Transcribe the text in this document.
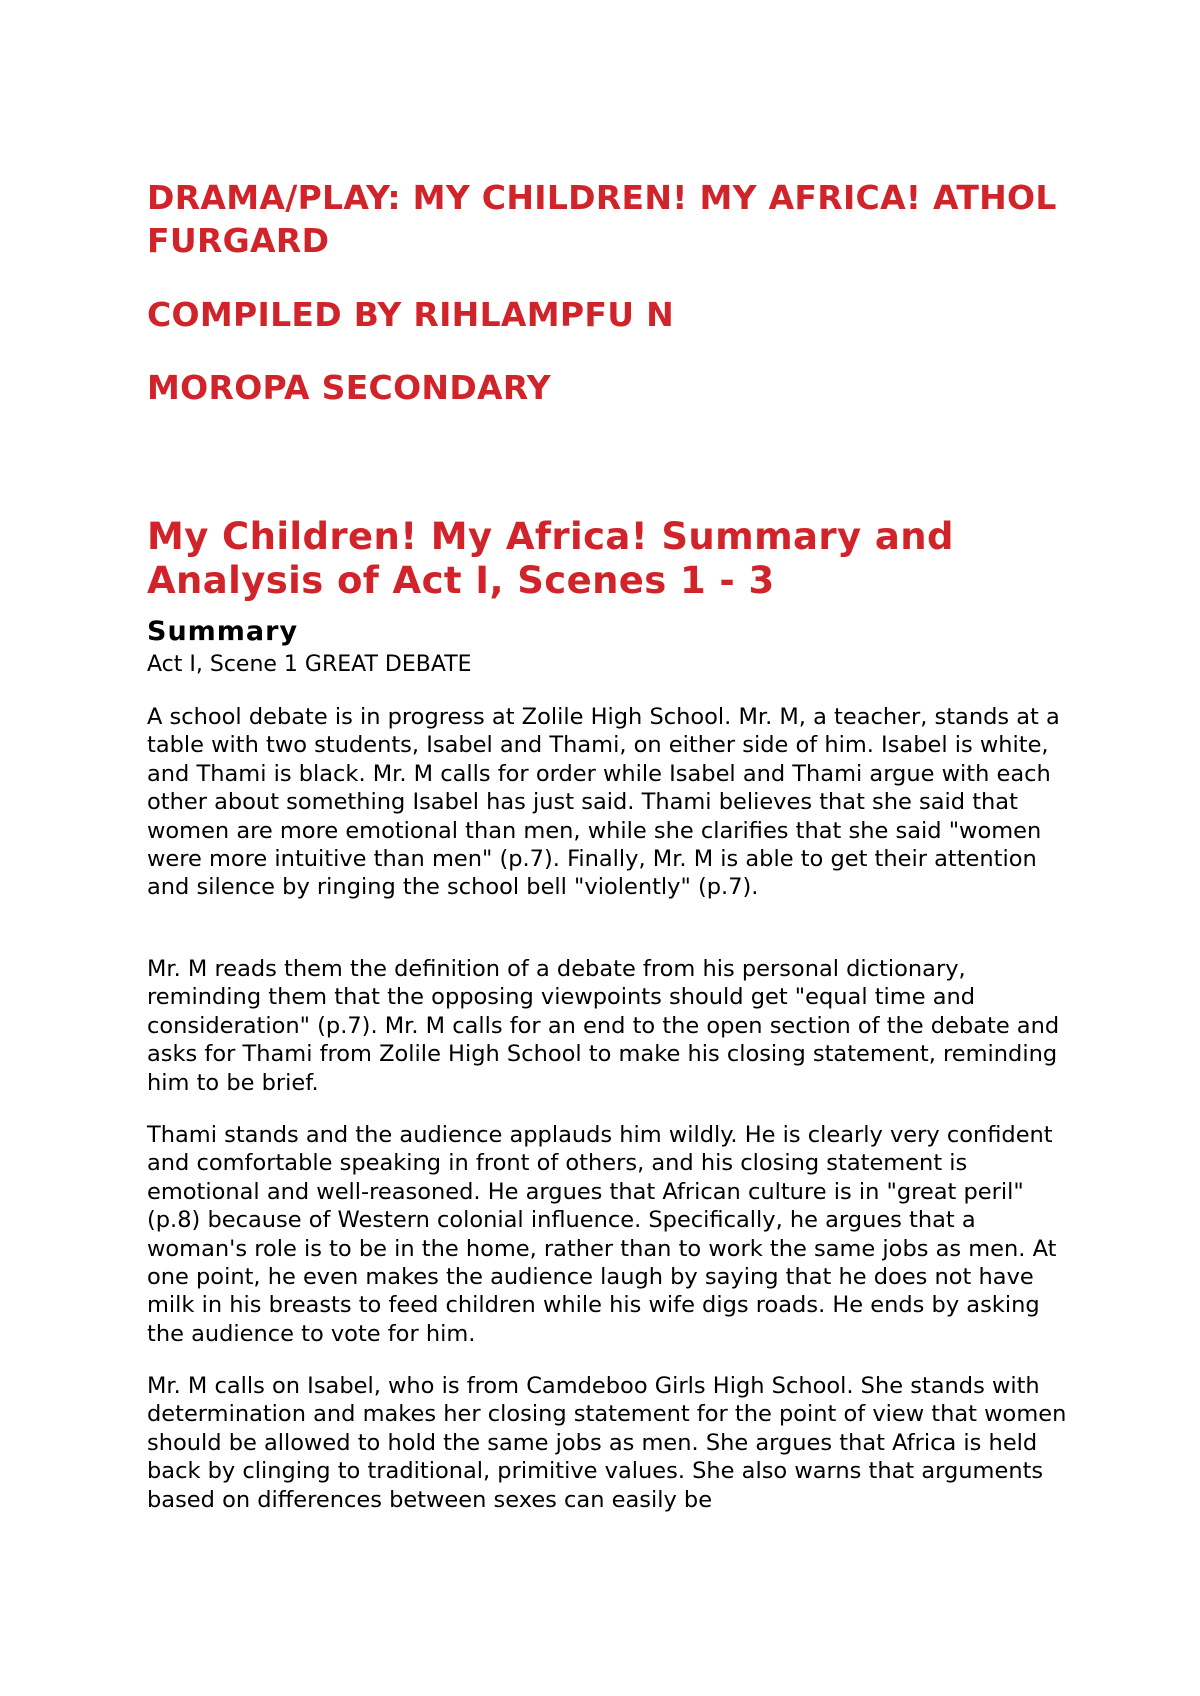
DRAMA/PLAY: MY CHILDREN! MY AFRICA! ATHOL FURGARD
COMPILED BY RIHLAMPFU N
MOROPA SECONDARY
My Children! My Africa! Summary and Analysis of Act I, Scenes 1 - 3
Summary

Act I, Scene 1 GREAT DEBATE

A school debate is in progress at Zolile High School. Mr. M, a teacher, stands at a table with two students, Isabel and Thami, on either side of him. Isabel is white, and Thami is black. Mr. M calls for order while Isabel and Thami argue with each other about something Isabel has just said. Thami believes that she said that women are more emotional than men, while she clarifies that she said "women were more intuitive than men" (p.7). Finally, Mr. M is able to get their attention and silence by ringing the school bell "violently" (p.7).

Mr. M reads them the definition of a debate from his personal dictionary, reminding them that the opposing viewpoints should get "equal time and consideration" (p.7). Mr. M calls for an end to the open section of the debate and asks for Thami from Zolile High School to make his closing statement, reminding him to be brief.

Thami stands and the audience applauds him wildly. He is clearly very confident and comfortable speaking in front of others, and his closing statement is emotional and well-reasoned. He argues that African culture is in "great peril" (p.8) because of Western colonial influence. Specifically, he argues that a woman's role is to be in the home, rather than to work the same jobs as men. At one point, he even makes the audience laugh by saying that he does not have milk in his breasts to feed children while his wife digs roads. He ends by asking the audience to vote for him.

Mr. M calls on Isabel, who is from Camdeboo Girls High School. She stands with determination and makes her closing statement for the point of view that women should be allowed to hold the same jobs as men. She argues that Africa is held back by clinging to traditional, primitive values. She also warns that arguments based on differences between sexes can easily be
